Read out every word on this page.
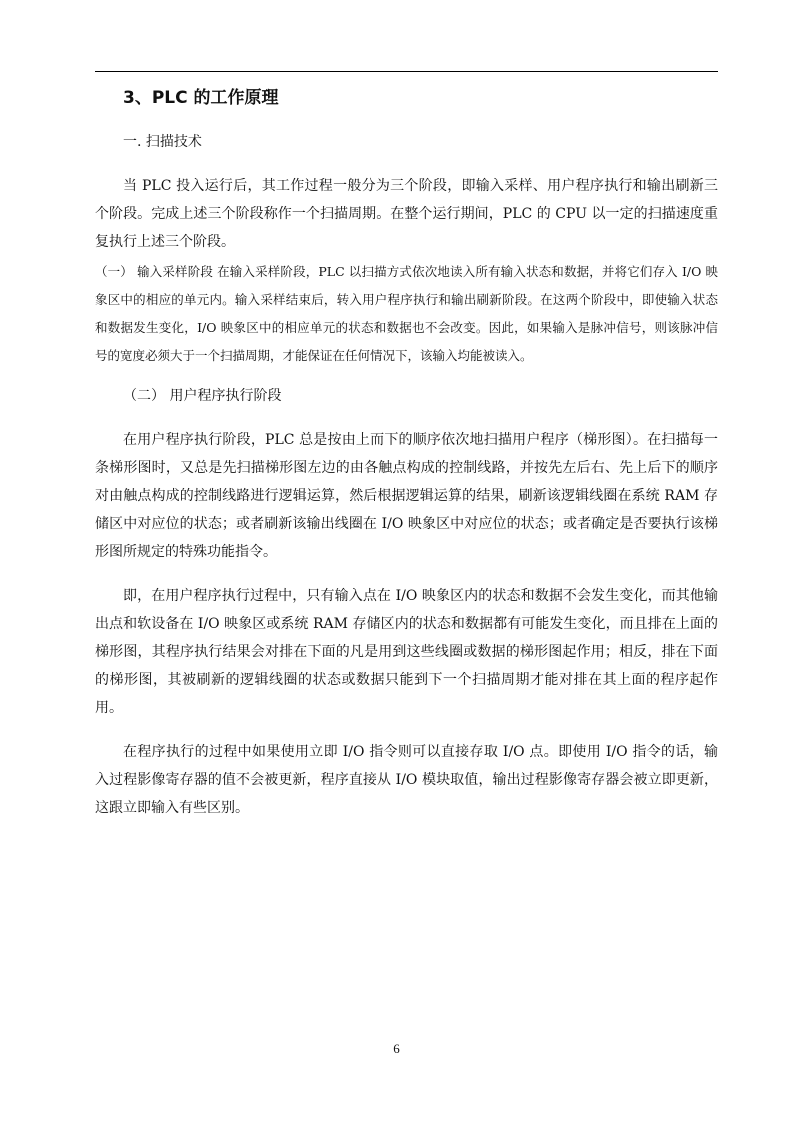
3、PLC 的工作原理

一. 扫描技术

当 PLC 投入运行后，其工作过程一般分为三个阶段，即输入采样、用户程序执行和输出刷新三个阶段。完成上述三个阶段称作一个扫描周期。在整个运行期间，PLC 的 CPU 以一定的扫描速度重复执行上述三个阶段。

（一） 输入采样阶段 在输入采样阶段，PLC 以扫描方式依次地读入所有输入状态和数据，并将它们存入 I/O 映象区中的相应的单元内。输入采样结束后，转入用户程序执行和输出刷新阶段。在这两个阶段中，即使输入状态和数据发生变化，I/O 映象区中的相应单元的状态和数据也不会改变。因此，如果输入是脉冲信号，则该脉冲信号的宽度必须大于一个扫描周期，才能保证在任何情况下，该输入均能被读入。

（二） 用户程序执行阶段

在用户程序执行阶段，PLC 总是按由上而下的顺序依次地扫描用户程序（梯形图）。在扫描每一条梯形图时，又总是先扫描梯形图左边的由各触点构成的控制线路，并按先左后右、先上后下的顺序对由触点构成的控制线路进行逻辑运算，然后根据逻辑运算的结果，刷新该逻辑线圈在系统 RAM 存储区中对应位的状态；或者刷新该输出线圈在 I/O 映象区中对应位的状态；或者确定是否要执行该梯形图所规定的特殊功能指令。

即，在用户程序执行过程中，只有输入点在 I/O 映象区内的状态和数据不会发生变化，而其他输出点和软设备在 I/O 映象区或系统 RAM 存储区内的状态和数据都有可能发生变化，而且排在上面的梯形图，其程序执行结果会对排在下面的凡是用到这些线圈或数据的梯形图起作用；相反，排在下面的梯形图，其被刷新的逻辑线圈的状态或数据只能到下一个扫描周期才能对排在其上面的程序起作用。

在程序执行的过程中如果使用立即 I/O 指令则可以直接存取 I/O 点。即使用 I/O 指令的话，输入过程影像寄存器的值不会被更新，程序直接从 I/O 模块取值，输出过程影像寄存器会被立即更新，这跟立即输入有些区别。

6
